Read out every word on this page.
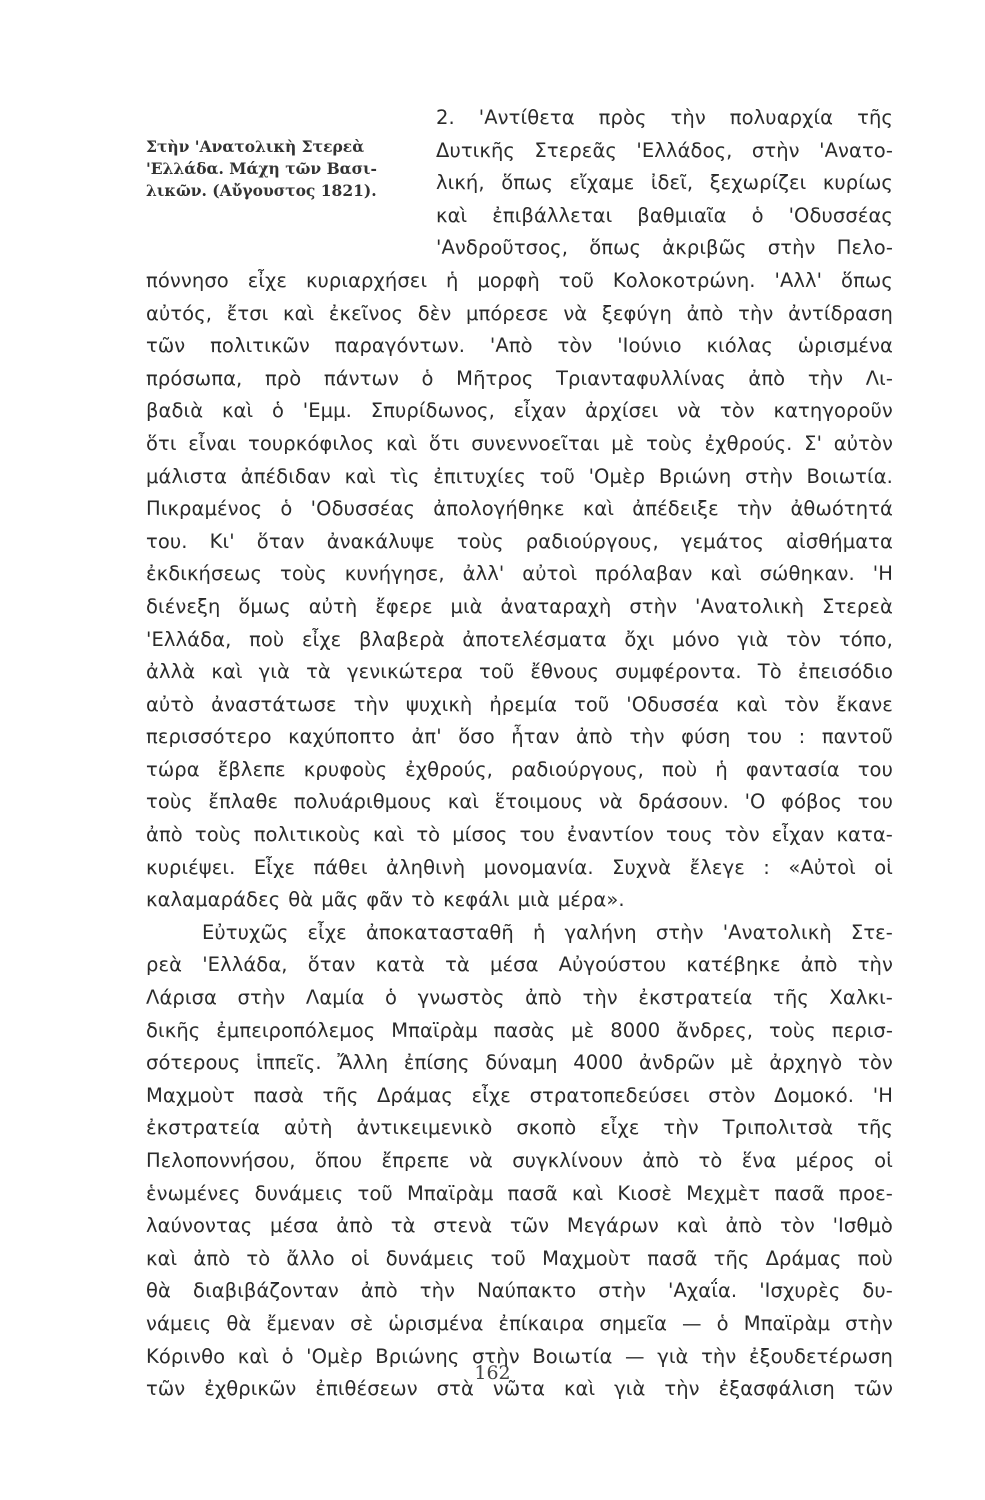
Στὴν 'Ανατολικὴ Στερεὰ
'Ελλάδα. Μάχη τῶν Βασι-
λικῶν. (Αὔγουστος 1821).
2. 'Αντίθετα πρὸς τὴν πολυαρχία τῆς
Δυτικῆς Στερεᾶς 'Ελλάδος, στὴν 'Ανατο-
λική, ὅπως εἴχαμε ἰδεῖ, ξεχωρίζει κυρίως
καὶ ἐπιβάλλεται βαθμιαῖα ὁ 'Οδυσσέας
'Ανδροῦτσος, ὅπως ἀκριβῶς στὴν Πελο-
πόννησο εἶχε κυριαρχήσει ἡ μορφὴ τοῦ Κολοκοτρώνη. 'Αλλ' ὅπως
αὐτός, ἔτσι καὶ ἐκεῖνος δὲν μπόρεσε νὰ ξεφύγη ἀπὸ τὴν ἀντίδραση
τῶν πολιτικῶν παραγόντων. 'Απὸ τὸν 'Ιούνιο κιόλας ὡρισμένα
πρόσωπα, πρὸ πάντων ὁ Μῆτρος Τριανταφυλλίνας ἀπὸ τὴν Λι-
βαδιὰ καὶ ὁ 'Εμμ. Σπυρίδωνος, εἶχαν ἀρχίσει νὰ τὸν κατηγοροῦν
ὅτι εἶναι τουρκόφιλος καὶ ὅτι συνεννοεῖται μὲ τοὺς ἐχθρούς. Σ' αὐτὸν
μάλιστα ἀπέδιδαν καὶ τὶς ἐπιτυχίες τοῦ 'Ομὲρ Βριώνη στὴν Βοιωτία.
Πικραμένος ὁ 'Οδυσσέας ἀπολογήθηκε καὶ ἀπέδειξε τὴν ἀθωότητά
του. Κι' ὅταν ἀνακάλυψε τοὺς ραδιούργους, γεμάτος αἰσθήματα
ἐκδικήσεως τοὺς κυνήγησε, ἀλλ' αὐτοὶ πρόλαβαν καὶ σώθηκαν. 'Η
διένεξη ὅμως αὐτὴ ἔφερε μιὰ ἀναταραχὴ στὴν 'Ανατολικὴ Στερεὰ
'Ελλάδα, ποὺ εἶχε βλαβερὰ ἀποτελέσματα ὄχι μόνο γιὰ τὸν τόπο,
ἀλλὰ καὶ γιὰ τὰ γενικώτερα τοῦ ἔθνους συμφέροντα. Τὸ ἐπεισόδιο
αὐτὸ ἀναστάτωσε τὴν ψυχικὴ ἠρεμία τοῦ 'Οδυσσέα καὶ τὸν ἔκανε
περισσότερο καχύποπτο ἀπ' ὅσο ἦταν ἀπὸ τὴν φύση του : παντοῦ
τώρα ἔβλεπε κρυφοὺς ἐχθρούς, ραδιούργους, ποὺ ἡ φαντασία του
τοὺς ἔπλαθε πολυάριθμους καὶ ἕτοιμους νὰ δράσουν. 'Ο φόβος του
ἀπὸ τοὺς πολιτικοὺς καὶ τὸ μίσος του ἐναντίον τους τὸν εἶχαν κατα-
κυριέψει. Εἶχε πάθει ἀληθινὴ μονομανία. Συχνὰ ἔλεγε : «Αὐτοὶ οἱ
καλαμαράδες θὰ μᾶς φᾶν τὸ κεφάλι μιὰ μέρα».
Εὐτυχῶς εἶχε ἀποκατασταθῆ ἡ γαλήνη στὴν 'Ανατολικὴ Στε-
ρεὰ 'Ελλάδα, ὅταν κατὰ τὰ μέσα Αὐγούστου κατέβηκε ἀπὸ τὴν
Λάρισα στὴν Λαμία ὁ γνωστὸς ἀπὸ τὴν ἐκστρατεία τῆς Χαλκι-
δικῆς ἐμπειροπόλεμος Μπαϊρὰμ πασὰς μὲ 8000 ἄνδρες, τοὺς περισ-
σότερους ἱππεῖς. Ἄλλη ἐπίσης δύναμη 4000 ἀνδρῶν μὲ ἀρχηγὸ τὸν
Μαχμοὺτ πασὰ τῆς Δράμας εἶχε στρατοπεδεύσει στὸν Δομοκό. 'Η
ἐκστρατεία αὐτὴ ἀντικειμενικὸ σκοπὸ εἶχε τὴν Τριπολιτσὰ τῆς
Πελοποννήσου, ὅπου ἔπρεπε νὰ συγκλίνουν ἀπὸ τὸ ἕνα μέρος οἱ
ἑνωμένες δυνάμεις τοῦ Μπαϊρὰμ πασᾶ καὶ Κιοσὲ Μεχμὲτ πασᾶ προε-
λαύνοντας μέσα ἀπὸ τὰ στενὰ τῶν Μεγάρων καὶ ἀπὸ τὸν 'Ισθμὸ
καὶ ἀπὸ τὸ ἄλλο οἱ δυνάμεις τοῦ Μαχμοὺτ πασᾶ τῆς Δράμας ποὺ
θὰ διαβιβάζονταν ἀπὸ τὴν Ναύπακτο στὴν 'Αχαΐα. 'Ισχυρὲς δυ-
νάμεις θὰ ἔμεναν σὲ ὡρισμένα ἐπίκαιρα σημεῖα — ὁ Μπαϊρὰμ στὴν
Κόρινθο καὶ ὁ 'Ομὲρ Βριώνης στὴν Βοιωτία — γιὰ τὴν ἐξουδετέρωση
τῶν ἐχθρικῶν ἐπιθέσεων στὰ νῶτα καὶ γιὰ τὴν ἐξασφάλιση τῶν
162
